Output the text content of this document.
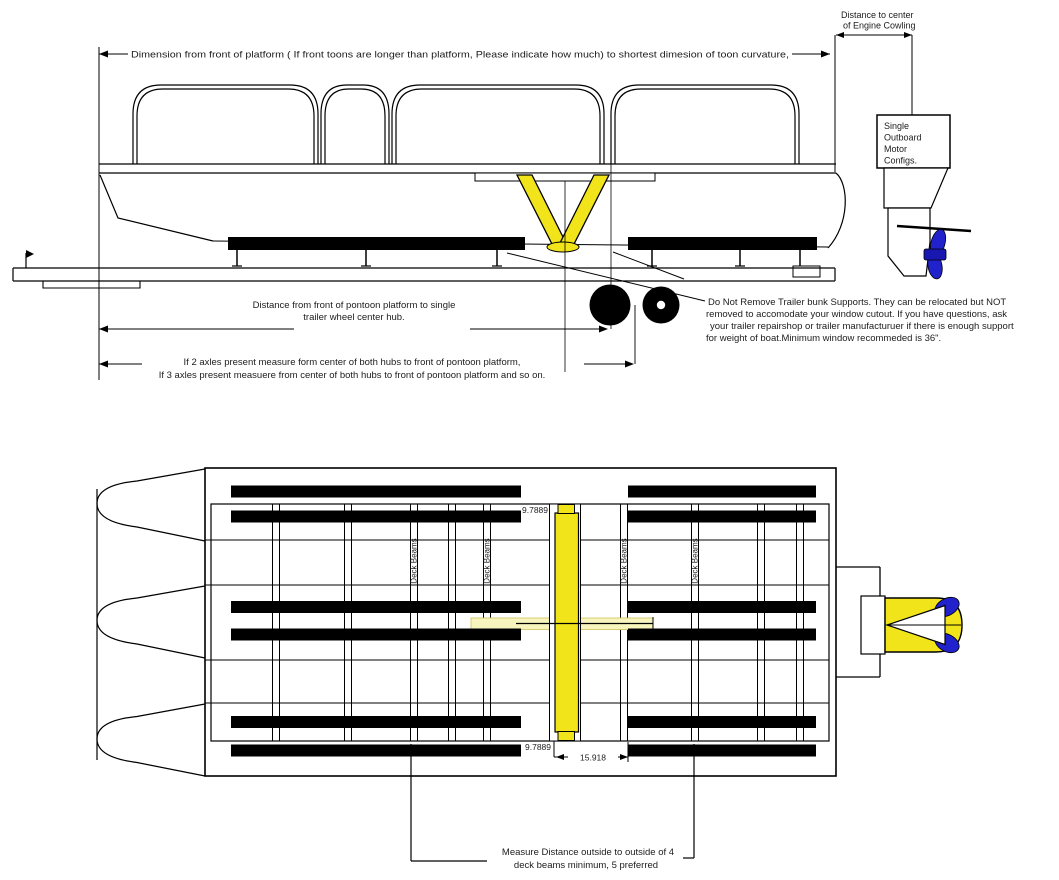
Dimension from front of platform ( If front toons are longer than platform, Please indicate how much) to shortest dimesion of toon curvature,
Distance to center
of Engine Cowling
Single
Outboard
Motor
Configs.
Distance from front of pontoon platform to single
trailer wheel center hub.
If 2 axles present measure form center of both hubs to front of pontoon platform,
If 3 axles present measuere from center of both hubs to front of pontoon platform and so on.
Do Not Remove Trailer bunk Supports. They can be relocated but NOT
removed to accomodate your window cutout. If you have questions, ask
your trailer repairshop or trailer manufacturuer if there is enough support
for weight of boat.Minimum window recommeded is 36".
Deck Beams	Deck Beams	Deck Beams	Deck Beams
9.7889
9.7889
15.918
Measure Distance outside to outside of 4
deck beams minimum, 5 preferred
